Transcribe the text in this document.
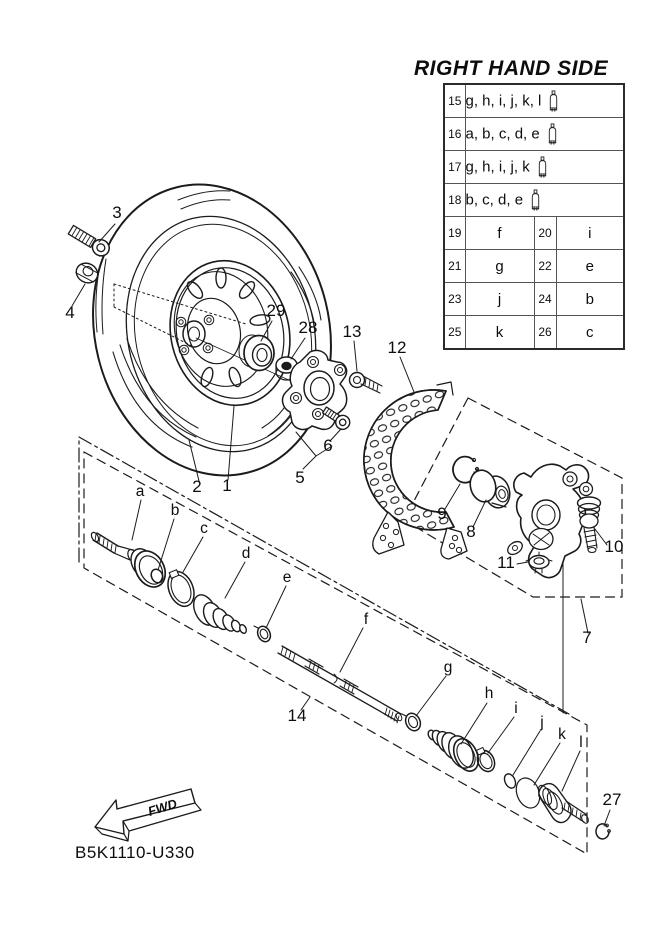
3
4	29
28 13
12
6
5
1
2
9
8
10
11
7
14
27
a
b
c
d
e
f
g
h
i
j
k l
FWD
B5K1110-U330
RIGHT HAND SIDE
15	g, h, i, j, k, l		
16	a, b, c, d, e		
17	g, h, i, j, k		
18	b, c, d, e		
19	f	20	i
21	g	22	e
23	j	24	b
25	k	26	c
